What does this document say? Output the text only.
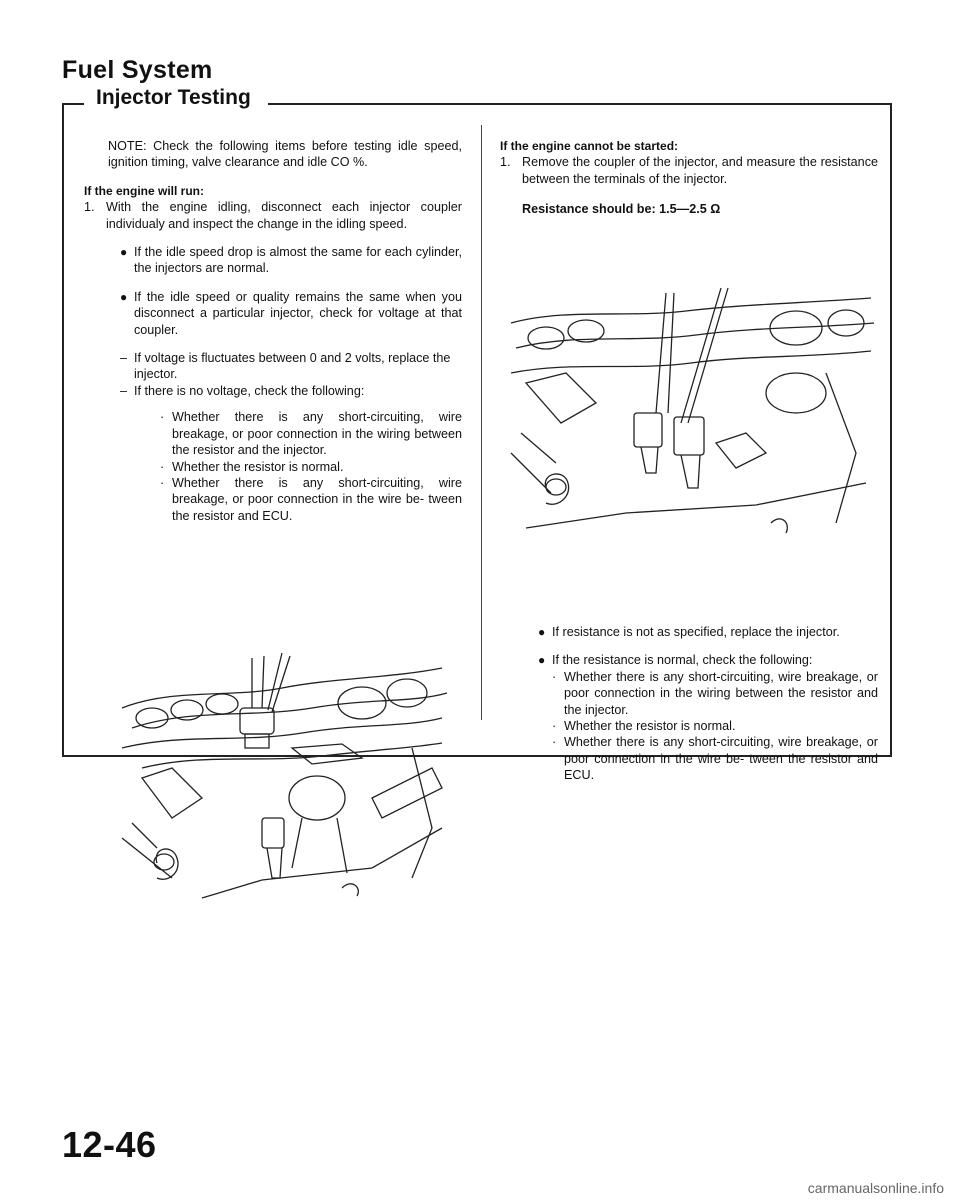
Fuel System
Injector Testing

NOTE: Check the following items before testing idle speed, ignition timing, valve clearance and idle CO %.

If the engine will run:

1. With the engine idling, disconnect each injector coupler individualy and inspect the change in the idling speed.
● If the idle speed drop is almost the same for each cylinder, the injectors are normal.
● If the idle speed or quality remains the same when you disconnect a particular injector, check for voltage at that coupler.
– If voltage is fluctuates between 0 and 2 volts, replace the injector.
– If there is no voltage, check the following:
· Whether there is any short-circuiting, wire breakage, or poor connection in the wiring between the resistor and the injector.
· Whether the resistor is normal.
· Whether there is any short-circuiting, wire breakage, or poor connection in the wire be- tween the resistor and ECU.

If the engine cannot be started:

1. Remove the coupler of the injector, and measure the resistance between the terminals of the injector.

Resistance should be: 1.5—2.5 Ω

● If resistance is not as specified, replace the injector.
● If the resistance is normal, check the following:
· Whether there is any short-circuiting, wire breakage, or poor connection in the wiring between the resistor and the injector.
· Whether the resistor is normal.
· Whether there is any short-circuiting, wire breakage, or poor connection in the wire be- tween the resistor and ECU.
12-46
carmanualsonline.info
